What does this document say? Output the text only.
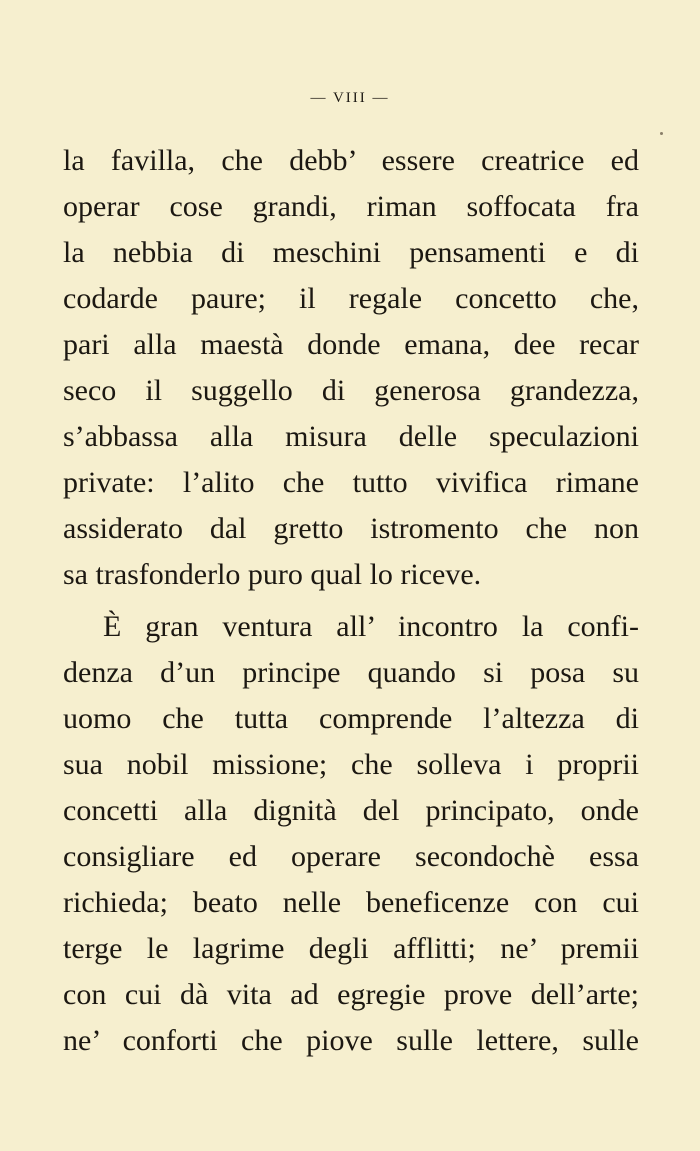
— VIII —
la favilla, che debb’ essere creatrice ed
operar cose grandi, riman soffocata fra
la nebbia di meschini pensamenti e di
codarde paure; il regale concetto che,
pari alla maestà donde emana, dee recar
seco il suggello di generosa grandezza,
s’abbassa alla misura delle speculazioni
private: l’alito che tutto vivifica rimane
assiderato dal gretto istromento che non
sa trasfonderlo puro qual lo riceve.
È gran ventura all’ incontro la confi-
denza d’un principe quando si posa su
uomo che tutta comprende l’altezza di
sua nobil missione; che solleva i proprii
concetti alla dignità del principato, onde
consigliare ed operare secondochè essa
richieda; beato nelle beneficenze con cui
terge le lagrime degli afflitti; ne’ premii
con cui dà vita ad egregie prove dell’arte;
ne’ conforti che piove sulle lettere, sulle
